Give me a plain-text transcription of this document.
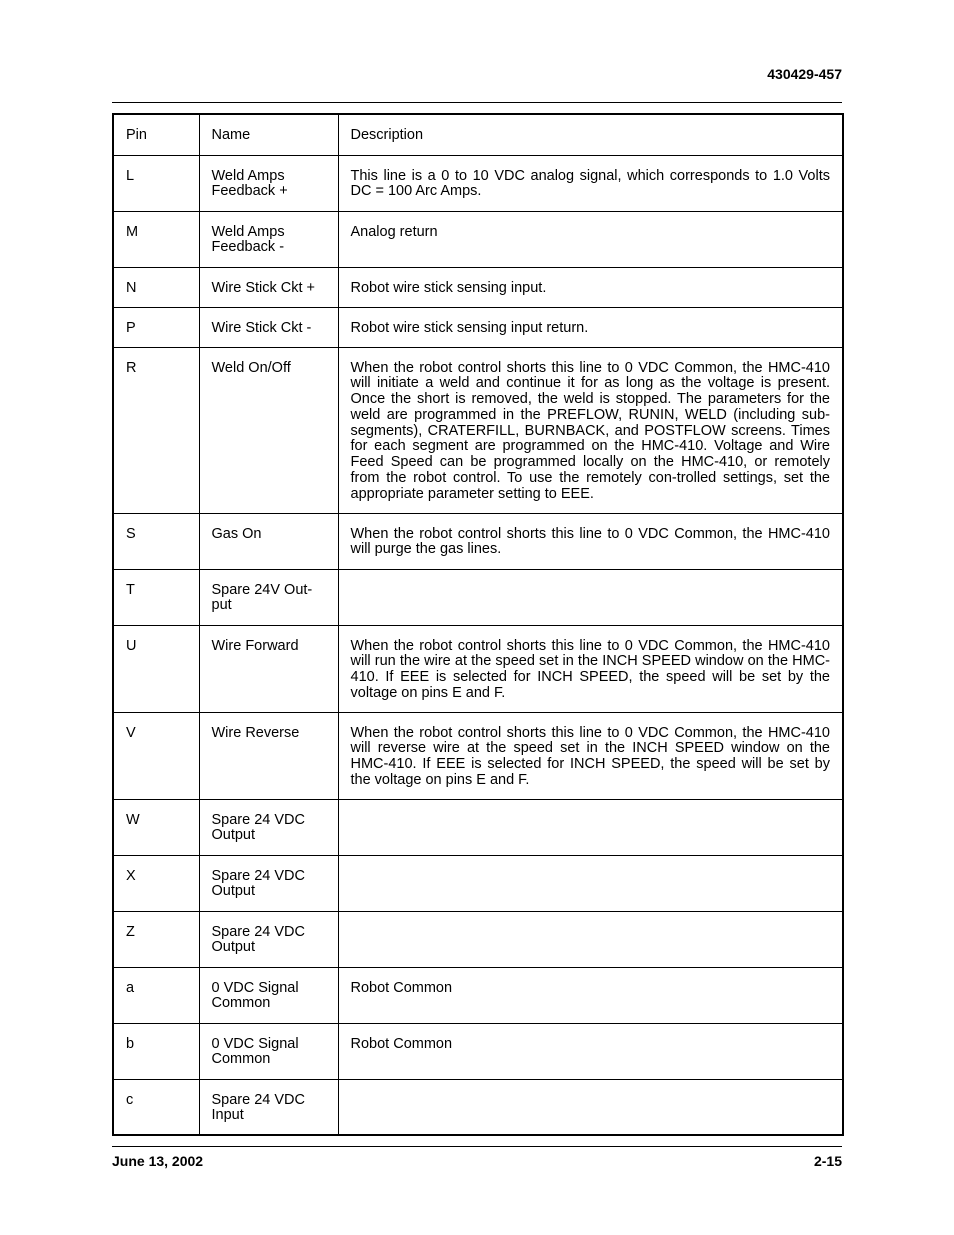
430429-457
Pin	Name	Description
L	Weld Amps Feedback +	This line is a 0 to 10 VDC analog signal, which corresponds to 1.0 Volts DC = 100 Arc Amps.
M	Weld Amps Feedback -	Analog return
N	Wire Stick Ckt +	Robot wire stick sensing input.
P	Wire Stick Ckt -	Robot wire stick sensing input return.
R	Weld On/Off	When the robot control shorts this line to 0 VDC Common, the HMC-410 will initiate a weld and continue it for as long as the voltage is present. Once the short is removed, the weld is stopped. The parameters for the weld are programmed in the PREFLOW, RUNIN, WELD (including sub-segments), CRATERFILL, BURNBACK, and POSTFLOW screens. Times for each segment are programmed on the HMC-410. Voltage and Wire Feed Speed can be programmed locally on the HMC-410, or remotely from the robot control. To use the remotely con-trolled settings, set the appropriate parameter setting to EEE.
S	Gas On	When the robot control shorts this line to 0 VDC Common, the HMC-410 will purge the gas lines.
T	Spare 24V Out-put	
U	Wire Forward	When the robot control shorts this line to 0 VDC Common, the HMC-410 will run the wire at the speed set in the INCH SPEED window on the HMC-410. If EEE is selected for INCH SPEED, the speed will be set by the voltage on pins E and F.
V	Wire Reverse	When the robot control shorts this line to 0 VDC Common, the HMC-410 will reverse wire at the speed set in the INCH SPEED window on the HMC-410. If EEE is selected for INCH SPEED, the speed will be set by the voltage on pins E and F.
W	Spare 24 VDC Output	
X	Spare 24 VDC Output	
Z	Spare 24 VDC Output	
a	0 VDC Signal Common	Robot Common
b	0 VDC Signal Common	Robot Common
c	Spare 24 VDC Input	
June 13, 2002	2-15
